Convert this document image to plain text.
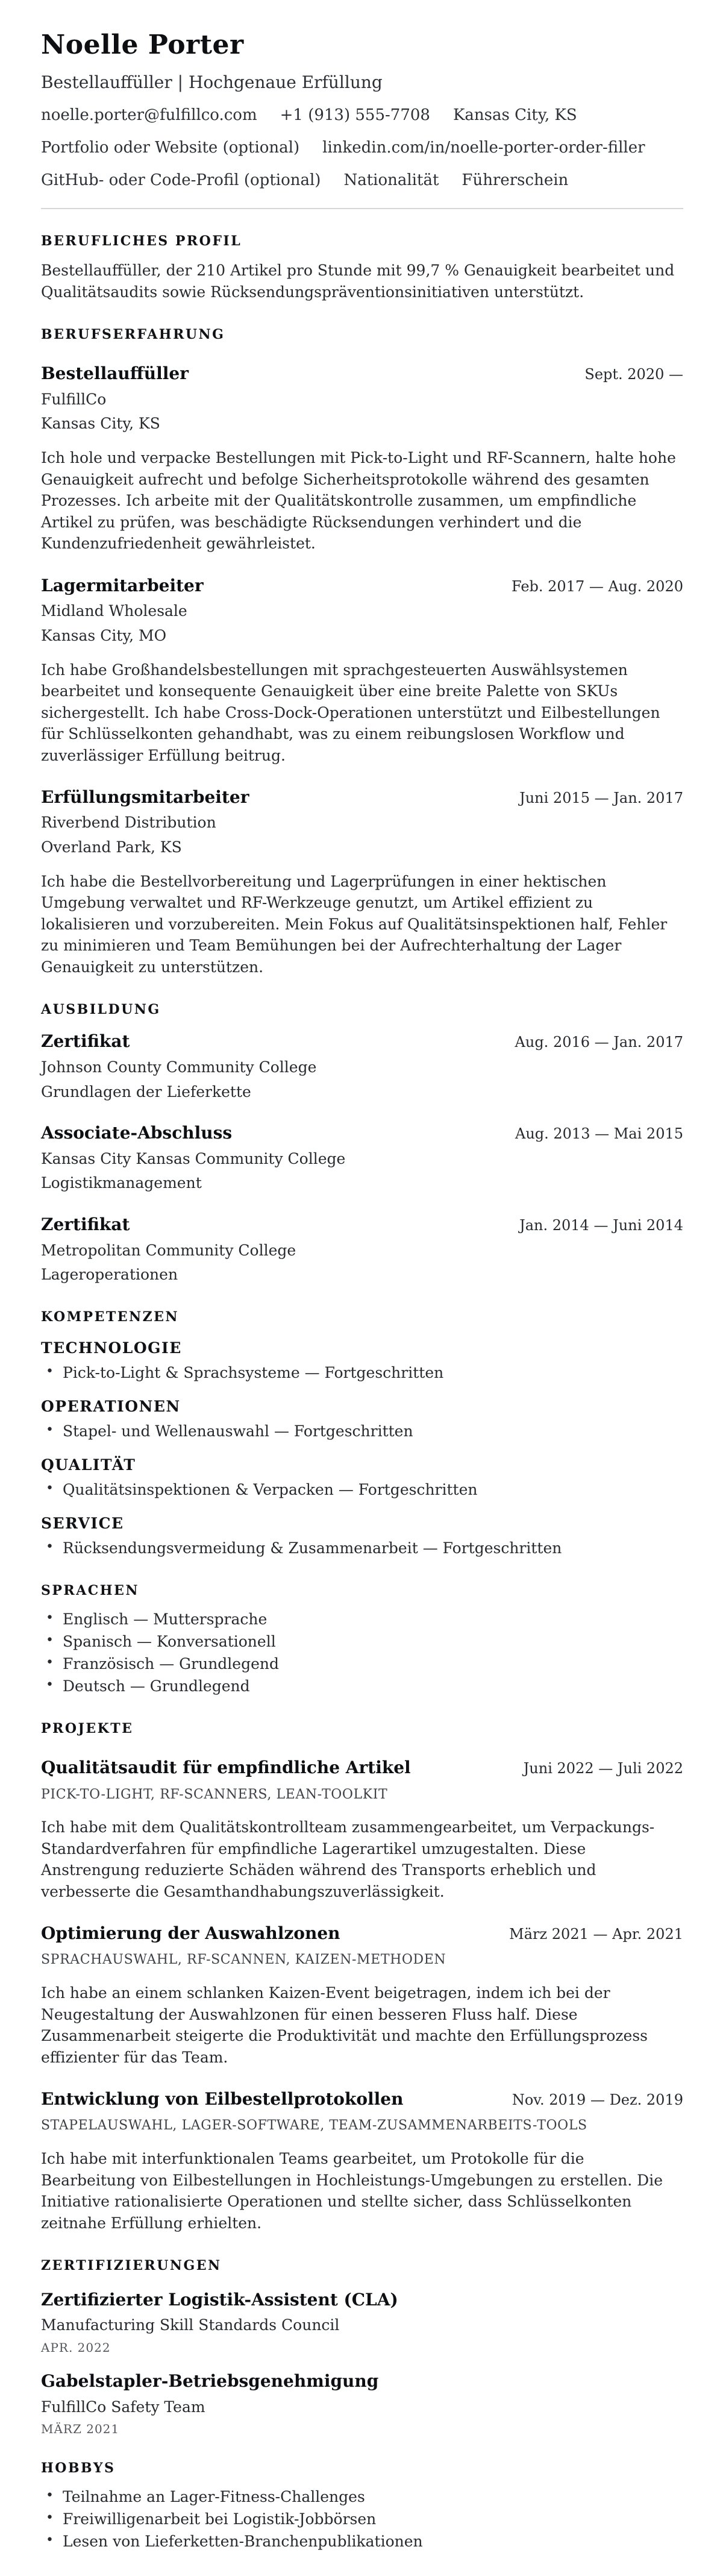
Noelle Porter
Bestellauffüller | Hochgenaue Erfüllung
noelle.porter@fulfillco.com +1 (913) 555-7708 Kansas City, KS
Portfolio oder Website (optional) linkedin.com/in/noelle-porter-order-filler
GitHub- oder Code-Profil (optional) Nationalität Führerschein
BERUFLICHES PROFIL

Bestellauffüller, der 210 Artikel pro Stunde mit 99,7 % Genauigkeit bearbeitet und Qualitätsaudits sowie Rücksendungspräventionsinitiativen unterstützt.

BERUFSERFAHRUNG
Bestellauffüller	Sept. 2020 —
FulfillCo
Kansas City, KS

Ich hole und verpacke Bestellungen mit Pick-to-Light und RF-Scannern, halte hohe Genauigkeit aufrecht und befolge Sicherheitsprotokolle während des gesamten Prozesses. Ich arbeite mit der Qualitätskontrolle zusammen, um empfindliche Artikel zu prüfen, was beschädigte Rücksendungen verhindert und die Kundenzufriedenheit gewährleistet.

Lagermitarbeiter	Feb. 2017 — Aug. 2020
Midland Wholesale
Kansas City, MO

Ich habe Großhandelsbestellungen mit sprachgesteuerten Auswählsystemen bearbeitet und konsequente Genauigkeit über eine breite Palette von SKUs sichergestellt. Ich habe Cross-Dock-Operationen unterstützt und Eilbestellungen für Schlüsselkonten gehandhabt, was zu einem reibungslosen Workflow und zuverlässiger Erfüllung beitrug.

Erfüllungsmitarbeiter	Juni 2015 — Jan. 2017
Riverbend Distribution
Overland Park, KS

Ich habe die Bestellvorbereitung und Lagerprüfungen in einer hektischen Umgebung verwaltet und RF-Werkzeuge genutzt, um Artikel effizient zu lokalisieren und vorzubereiten. Mein Fokus auf Qualitätsinspektionen half, Fehler zu minimieren und Team Bemühungen bei der Aufrechterhaltung der Lager Genauigkeit zu unterstützen.

AUSBILDUNG
Zertifikat	Aug. 2016 — Jan. 2017
Johnson County Community College
Grundlagen der Lieferkette
Associate-Abschluss	Aug. 2013 — Mai 2015
Kansas City Kansas Community College
Logistikmanagement
Zertifikat	Jan. 2014 — Juni 2014
Metropolitan Community College
Lageroperationen
KOMPETENZEN
TECHNOLOGIE
• Pick-to-Light & Sprachsysteme — Fortgeschritten
OPERATIONEN
• Stapel- und Wellenauswahl — Fortgeschritten
QUALITÄT
• Qualitätsinspektionen & Verpacken — Fortgeschritten
SERVICE
• Rücksendungsvermeidung & Zusammenarbeit — Fortgeschritten
SPRACHEN
• Englisch — Muttersprache
• Spanisch — Konversationell
• Französisch — Grundlegend
• Deutsch — Grundlegend
PROJEKTE
Qualitätsaudit für empfindliche Artikel	Juni 2022 — Juli 2022
PICK-TO-LIGHT, RF-SCANNERS, LEAN-TOOLKIT

Ich habe mit dem Qualitätskontrollteam zusammengearbeitet, um Verpackungs-Standardverfahren für empfindliche Lagerartikel umzugestalten. Diese Anstrengung reduzierte Schäden während des Transports erheblich und verbesserte die Gesamthandhabungszuverlässigkeit.

Optimierung der Auswahlzonen	März 2021 — Apr. 2021
SPRACHAUSWAHL, RF-SCANNEN, KAIZEN-METHODEN

Ich habe an einem schlanken Kaizen-Event beigetragen, indem ich bei der Neugestaltung der Auswahlzonen für einen besseren Fluss half. Diese Zusammenarbeit steigerte die Produktivität und machte den Erfüllungsprozess effizienter für das Team.

Entwicklung von Eilbestellprotokollen	Nov. 2019 — Dez. 2019
STAPELAUSWAHL, LAGER-SOFTWARE, TEAM-ZUSAMMENARBEITS-TOOLS

Ich habe mit interfunktionalen Teams gearbeitet, um Protokolle für die Bearbeitung von Eilbestellungen in Hochleistungs-Umgebungen zu erstellen. Die Initiative rationalisierte Operationen und stellte sicher, dass Schlüsselkonten zeitnahe Erfüllung erhielten.

ZERTIFIZIERUNGEN
Zertifizierter Logistik-Assistent (CLA)
Manufacturing Skill Standards Council
APR. 2022
Gabelstapler-Betriebsgenehmigung
FulfillCo Safety Team
MÄRZ 2021
HOBBYS
• Teilnahme an Lager-Fitness-Challenges
• Freiwilligenarbeit bei Logistik-Jobbörsen
• Lesen von Lieferketten-Branchenpublikationen
